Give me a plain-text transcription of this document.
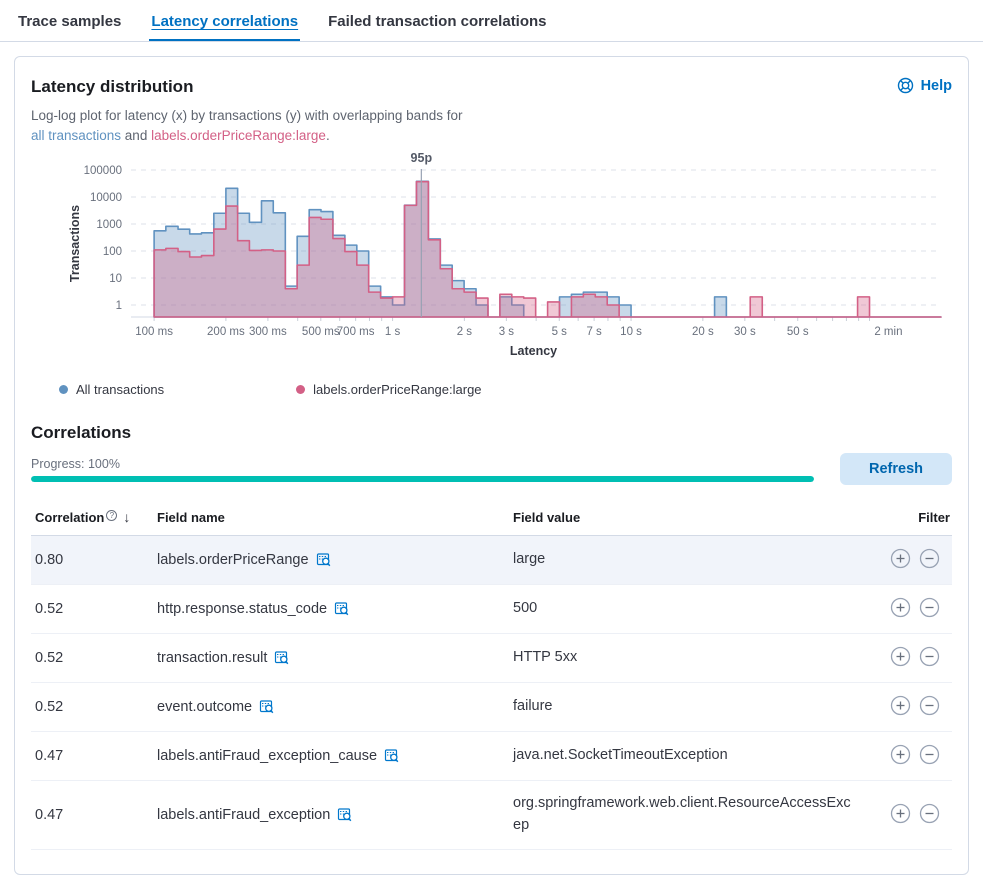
Trace samples Latency correlations Failed transaction correlations
Latency distribution	Help
Log-log plot for latency (x) by transactions (y) with overlapping bands for all transactions and labels.orderPriceRange:large.
1
10
100
1000
10000
100000
100 ms	200 ms 300 ms 500 ms
700 ms 1 s	2 s 3 s	5 s 7 s 10 s	20 s 30 s	50 s	2 min
Latency
Transactions
95p
All transactions	labels.orderPriceRange:large
Correlations
Progress: 100%	Refresh
Correlation ? ↓	Field name	Field value	Filter
0.80	labels.orderPriceRange	large

0.52	http.response.status_code	500

0.52	transaction.result	HTTP 5xx

0.52	event.outcome	failure

0.47	labels.antiFraud_exception_cause	java.net.SocketTimeoutException

0.47	labels.antiFraud_exception	org.springframework.web.client.ResourceAccessExcep
